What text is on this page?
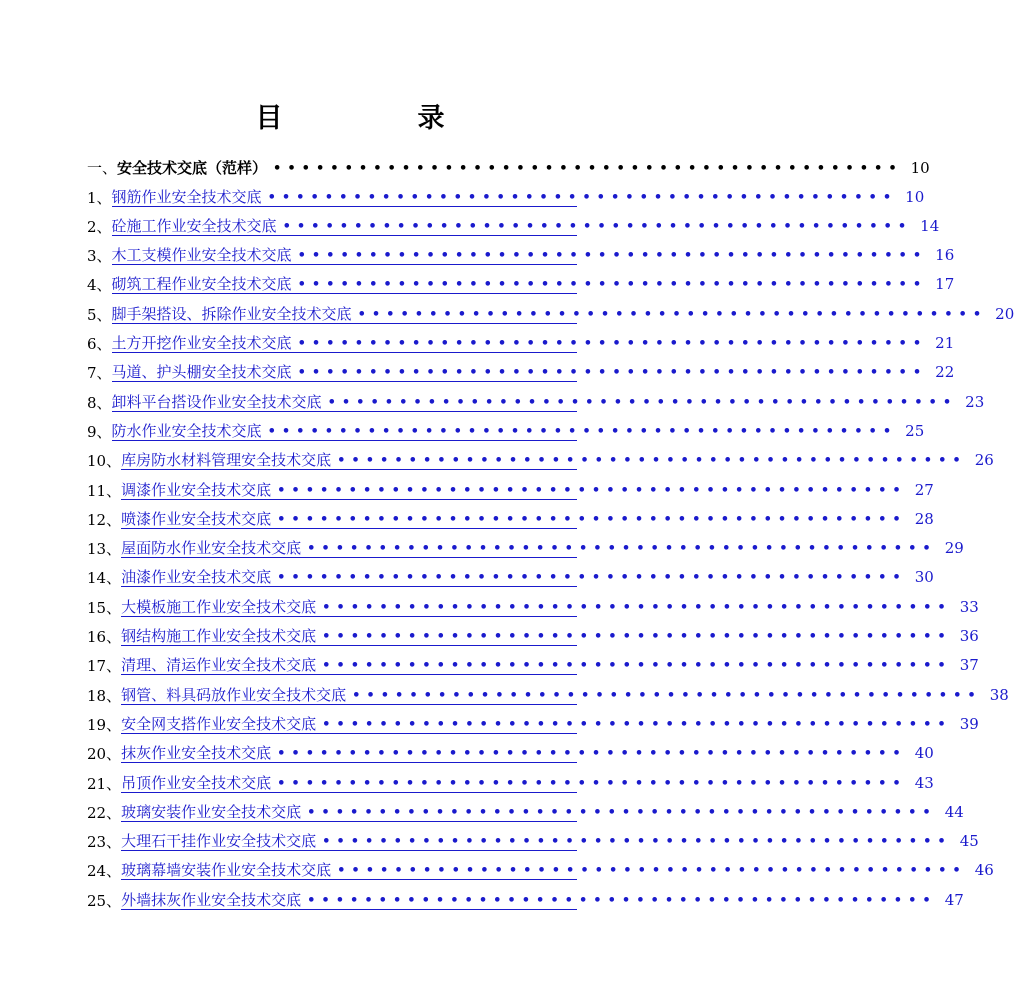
目　录
一、 安全技术交底（范样） •••••••••••••••••••••••••••••••••••••••••••• 10
1、 钢筋作业安全技术交底 •••••••••••••••••••••••••••••••••••••••••••• 10
2、 砼施工作业安全技术交底 •••••••••••••••••••••••••••••••••••••••••••• 14
3、 木工支模作业安全技术交底 •••••••••••••••••••••••••••••••••••••••••••• 16
4、 砌筑工程作业安全技术交底 •••••••••••••••••••••••••••••••••••••••••••• 17
5、 脚手架搭设、拆除作业安全技术交底 •••••••••••••••••••••••••••••••••••••••••••• 20
6、 土方开挖作业安全技术交底 •••••••••••••••••••••••••••••••••••••••••••• 21
7、 马道、护头棚安全技术交底 •••••••••••••••••••••••••••••••••••••••••••• 22
8、 卸料平台搭设作业安全技术交底 •••••••••••••••••••••••••••••••••••••••••••• 23
9、 防水作业安全技术交底 •••••••••••••••••••••••••••••••••••••••••••• 25
10、 库房防水材料管理安全技术交底 •••••••••••••••••••••••••••••••••••••••••••• 26
11、 调漆作业安全技术交底 •••••••••••••••••••••••••••••••••••••••••••• 27
12、 喷漆作业安全技术交底 •••••••••••••••••••••••••••••••••••••••••••• 28
13、 屋面防水作业安全技术交底 •••••••••••••••••••••••••••••••••••••••••••• 29
14、 油漆作业安全技术交底 •••••••••••••••••••••••••••••••••••••••••••• 30
15、 大模板施工作业安全技术交底 •••••••••••••••••••••••••••••••••••••••••••• 33
16、 钢结构施工作业安全技术交底 •••••••••••••••••••••••••••••••••••••••••••• 36
17、 清理、清运作业安全技术交底 •••••••••••••••••••••••••••••••••••••••••••• 37
18、 钢管、料具码放作业安全技术交底 •••••••••••••••••••••••••••••••••••••••••••• 38
19、 安全网支搭作业安全技术交底 •••••••••••••••••••••••••••••••••••••••••••• 39
20、 抹灰作业安全技术交底 •••••••••••••••••••••••••••••••••••••••••••• 40
21、 吊顶作业安全技术交底 •••••••••••••••••••••••••••••••••••••••••••• 43
22、 玻璃安装作业安全技术交底 •••••••••••••••••••••••••••••••••••••••••••• 44
23、 大理石干挂作业安全技术交底 •••••••••••••••••••••••••••••••••••••••••••• 45
24、 玻璃幕墙安装作业安全技术交底 •••••••••••••••••••••••••••••••••••••••••••• 46
25、 外墙抹灰作业安全技术交底 •••••••••••••••••••••••••••••••••••••••••••• 47
